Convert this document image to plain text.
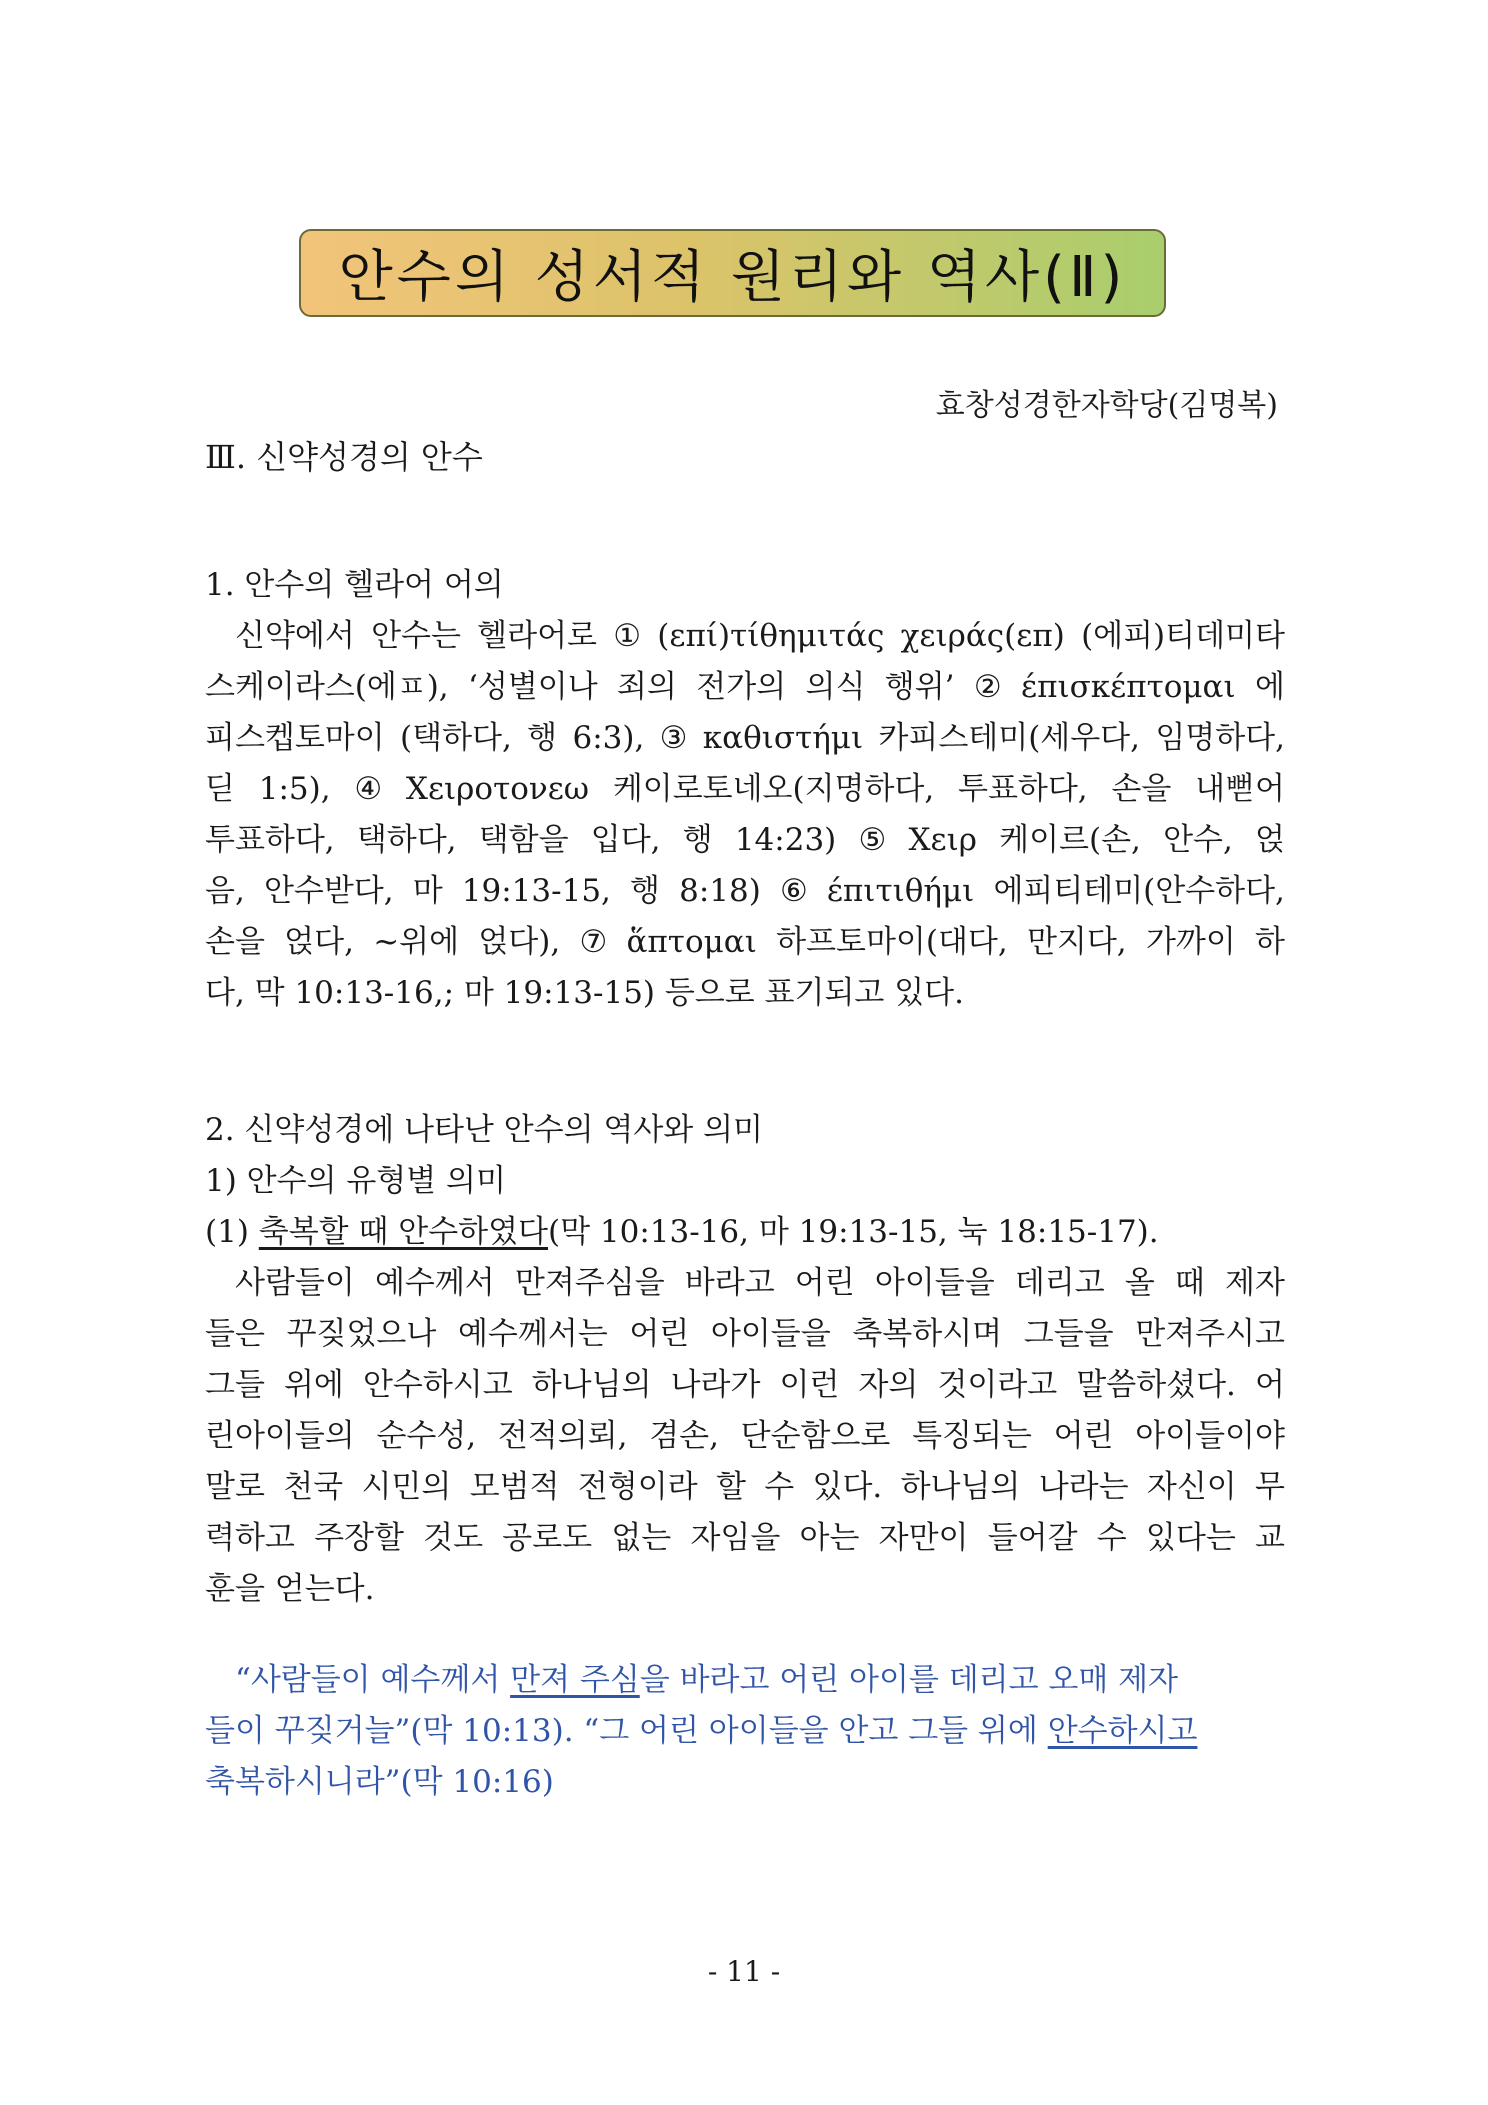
안수의 성서적 원리와 역사(Ⅱ)
효창성경한자학당(김명복)
Ⅲ. 신약성경의 안수
1. 안수의 헬라어 어의
신약에서 안수는 헬라어로 ① (επί)τίθημιτάς χειράς(επ) (에피)티데미타
스케이라스(에ㅍ), ‘성별이나 죄의 전가의 의식 행위’ ② έπισκέπτομαι 에
피스켑토마이 (택하다, 행 6:3), ③ καθιστήμι 카피스테미(세우다, 임명하다,
딛 1:5), ④ Χειροτονεω 케이로토네오(지명하다, 투표하다, 손을 내뻗어
투표하다, 택하다, 택함을 입다, 행 14:23) ⑤ Χειρ 케이르(손, 안수, 얹
음, 안수받다, 마 19:13-15, 행 8:18) ⑥ έπιτιθήμι 에피티테미(안수하다,
손을 얹다, ~위에 얹다), ⑦ ἅπτομαι 하프토마이(대다, 만지다, 가까이 하
다, 막 10:13-16,; 마 19:13-15) 등으로 표기되고 있다.
2. 신약성경에 나타난 안수의 역사와 의미
1) 안수의 유형별 의미
(1) 축복할 때 안수하였다(막 10:13-16, 마 19:13-15, 눅 18:15-17).
사람들이 예수께서 만져주심을 바라고 어린 아이들을 데리고 올 때 제자
들은 꾸짖었으나 예수께서는 어린 아이들을 축복하시며 그들을 만져주시고
그들 위에 안수하시고 하나님의 나라가 이런 자의 것이라고 말씀하셨다. 어
린아이들의 순수성, 전적의뢰, 겸손, 단순함으로 특징되는 어린 아이들이야
말로 천국 시민의 모범적 전형이라 할 수 있다. 하나님의 나라는 자신이 무
력하고 주장할 것도 공로도 없는 자임을 아는 자만이 들어갈 수 있다는 교
훈을 얻는다.
“사람들이 예수께서 만져 주심을 바라고 어린 아이를 데리고 오매 제자
들이 꾸짖거늘”(막 10:13). “그 어린 아이들을 안고 그들 위에 안수하시고
축복하시니라”(막 10:16)
- 11 -
